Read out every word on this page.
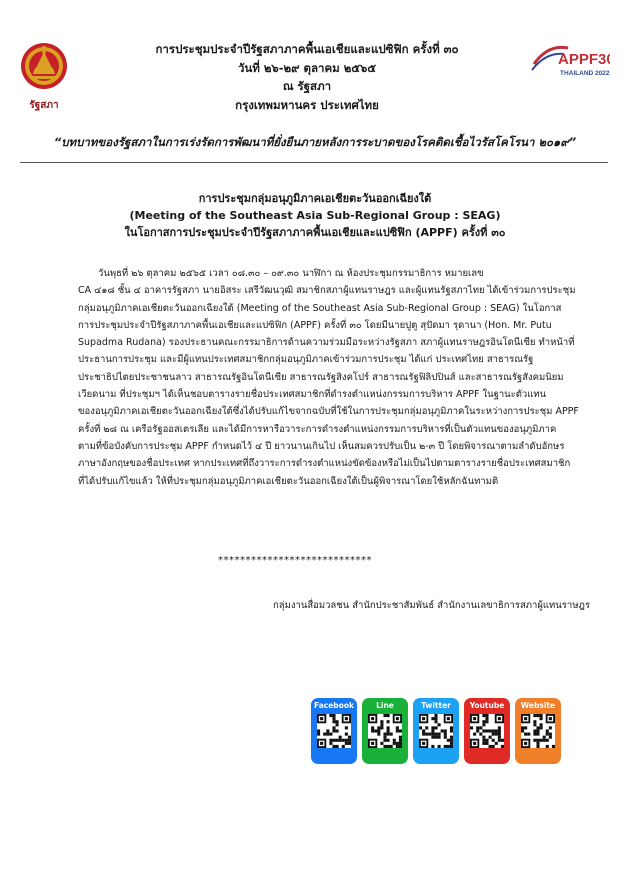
รัฐสภา
APPF30
THAILAND 2022

การประชุมประจำปีรัฐสภาภาคพื้นเอเชียและแปซิฟิก ครั้งที่ ๓๐

วันที่ ๒๖-๒๙ ตุลาคม ๒๕๖๕

ณ รัฐสภา

กรุงเทพมหานคร ประเทศไทย

“บทบาทของรัฐสภาในการเร่งรัดการพัฒนาที่ยั่งยืนภายหลังการระบาดของโรคติดเชื้อไวรัสโคโรนา ๒๐๑๙”

การประชุมกลุ่มอนุภูมิภาคเอเชียตะวันออกเฉียงใต้

(Meeting of the Southeast Asia Sub-Regional Group : SEAG)

ในโอกาสการประชุมประจำปีรัฐสภาภาคพื้นเอเชียและแปซิฟิก (APPF) ครั้งที่ ๓๐

วันพุธที่ ๒๖ ตุลาคม ๒๕๖๕ เวลา ๐๘.๓๐ – ๐๙.๓๐ นาฬิกา ณ ห้องประชุมกรรมาธิการ หมายเลข

CA ๔๑๘ ชั้น ๔ อาคารรัฐสภา นายอิสระ เสรีวัฒนวุฒิ สมาชิกสภาผู้แทนราษฎร และผู้แทนรัฐสภาไทย ได้เข้าร่วมการประชุม

กลุ่มอนุภูมิภาคเอเชียตะวันออกเฉียงใต้ (Meeting of the Southeast Asia Sub-Regional Group : SEAG) ในโอกาส

การประชุมประจำปีรัฐสภาภาคพื้นเอเชียและแปซิฟิก (APPF) ครั้งที่ ๓๐ โดยมีนายปูตู สุปัดมา รุดานา (Hon. Mr. Putu

Supadma Rudana) รองประธานคณะกรรมาธิการด้านความร่วมมือระหว่างรัฐสภา สภาผู้แทนราษฎรอินโดนีเซีย ทำหน้าที่

ประธานการประชุม และมีผู้แทนประเทศสมาชิกกลุ่มอนุภูมิภาคเข้าร่วมการประชุม ได้แก่ ประเทศไทย สาธารณรัฐ

ประชาธิปไตยประชาชนลาว สาธารณรัฐอินโดนีเซีย สาธารณรัฐสิงคโปร์ สาธารณรัฐฟิลิปปินส์ และสาธารณรัฐสังคมนิยม

เวียดนาม ที่ประชุมฯ ได้เห็นชอบตารางรายชื่อประเทศสมาชิกที่ดำรงตำแหน่งกรรมการบริหาร APPF ในฐานะตัวแทน

ของอนุภูมิภาคเอเชียตะวันออกเฉียงใต้ซึ่งได้ปรับแก้ไขจากฉบับที่ใช้ในการประชุมกลุ่มอนุภูมิภาคในระหว่างการประชุม APPF

ครั้งที่ ๒๘ ณ เครือรัฐออสเตรเลีย และได้มีการหารือวาระการดำรงตำแหน่งกรรมการบริหารที่เป็นตัวแทนของอนุภูมิภาค

ตามที่ข้อบังคับการประชุม APPF กำหนดไว้ ๔ ปี ยาวนานเกินไป เห็นสมควรปรับเป็น ๒-๓ ปี โดยพิจารณาตามลำดับอักษร

ภาษาอังกฤษของชื่อประเทศ หากประเทศที่ถึงวาระการดำรงตำแหน่งขัดข้องหรือไม่เป็นไปตามตารางรายชื่อประเทศสมาชิก

ที่ได้ปรับแก้ไขแล้ว ให้ที่ประชุมกลุ่มอนุภูมิภาคเอเชียตะวันออกเฉียงใต้เป็นผู้พิจารณาโดยใช้หลักฉันทามติ

****************************
กลุ่มงานสื่อมวลชน สำนักประชาสัมพันธ์ สำนักงานเลขาธิการสภาผู้แทนราษฎร
Facebook	Line	Twitter	Youtube	Website
